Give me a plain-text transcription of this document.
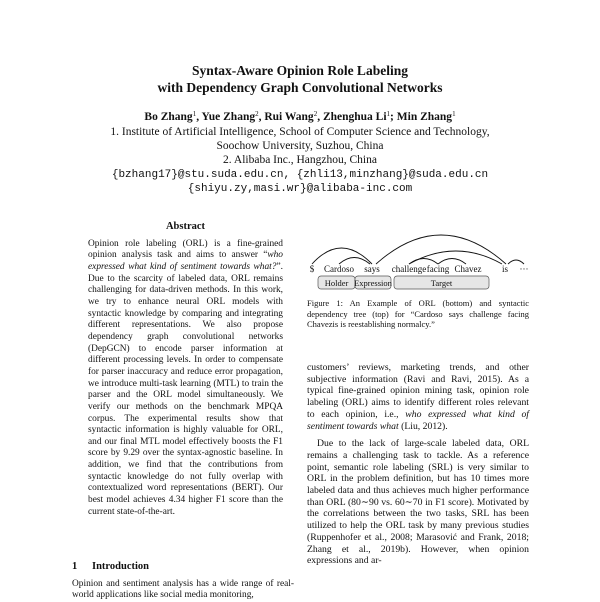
Syntax-Aware Opinion Role Labeling
with Dependency Graph Convolutional Networks
Bo Zhang$^1$, Yue Zhang$^2$, Rui Wang$^2$, Zhenghua Li$^1$; Min Zhang$^1$
1. Institute of Artificial Intelligence, School of Computer Science and Technology,
Soochow University, Suzhou, China
2. Alibaba Inc., Hangzhou, China
{bzhang17}@stu.suda.edu.cn, {zhli13,minzhang}@suda.edu.cn
{shiyu.zy,masi.wr}@alibaba-inc.com
Abstract

Opinion role labeling (ORL) is a fine-grained opinion analysis task and aims to answer “who expressed what kind of sentiment towards what?”. Due to the scarcity of labeled data, ORL remains challenging for data-driven methods. In this work, we try to enhance neural ORL models with syntactic knowledge by comparing and integrating different representations. We also propose dependency graph convolutional networks (DepGCN) to encode parser information at different processing levels. In order to compensate for parser inaccuracy and reduce error propagation, we introduce multi-task learning (MTL) to train the parser and the ORL model simultaneously. We verify our methods on the benchmark MPQA corpus. The experimental results show that syntactic information is highly valuable for ORL, and our final MTL model effectively boosts the F1 score by 9.29 over the syntax-agnostic baseline. In addition, we find that the contributions from syntactic knowledge do not fully overlap with contextualized word representations (BERT). Our best model achieves 4.34 higher F1 score than the current state-of-the-art.

1 Introduction

Opinion and sentiment analysis has a wide range of real-world applications like social media monitoring,

$ Cardoso says challenge facing Chavez is ···
Holder Expression	Target
Figure 1: An Example of ORL (bottom) and syntactic dependency tree (top) for “Cardoso says challenge facing Chavezis is reestablishing normalcy.”

customers’ reviews, marketing trends, and other subjective information (Ravi and Ravi, 2015). As a typical fine-grained opinion mining task, opinion role labeling (ORL) aims to identify different roles relevant to each opinion, i.e., who expressed what kind of sentiment towards what (Liu, 2012).

Due to the lack of large-scale labeled data, ORL remains a challenging task to tackle. As a reference point, semantic role labeling (SRL) is very similar to ORL in the problem definition, but has 10 times more labeled data and thus achieves much higher performance than ORL (80∼90 vs. 60∼70 in F1 score). Motivated by the correlations between the two tasks, SRL has been utilized to help the ORL task by many previous studies (Ruppenhofer et al., 2008; Marasović and Frank, 2018; Zhang et al., 2019b). However, when opinion expressions and ar-
